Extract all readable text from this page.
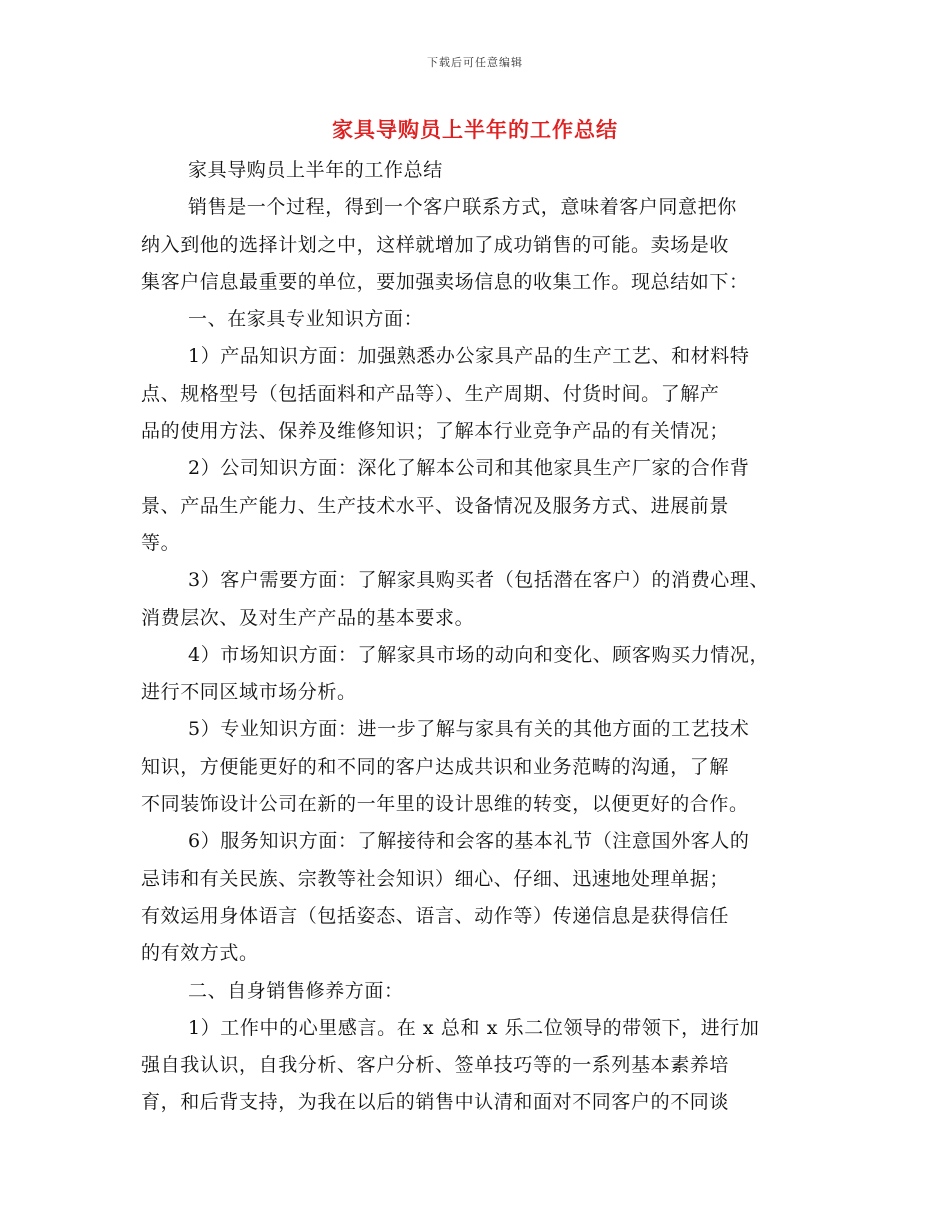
下载后可任意编辑
家具导购员上半年的工作总结
家具导购员上半年的工作总结
销售是一个过程，得到一个客户联系方式，意味着客户同意把你
纳入到他的选择计划之中，这样就增加了成功销售的可能。卖场是收
集客户信息最重要的单位，要加强卖场信息的收集工作。现总结如下：
一、在家具专业知识方面：
1）产品知识方面：加强熟悉办公家具产品的生产工艺、和材料特
点、规格型号（包括面料和产品等）、生产周期、付货时间。了解产
品的使用方法、保养及维修知识；了解本行业竞争产品的有关情况；
2）公司知识方面：深化了解本公司和其他家具生产厂家的合作背
景、产品生产能力、生产技术水平、设备情况及服务方式、进展前景
等。
3）客户需要方面：了解家具购买者（包括潜在客户）的消费心理、
消费层次、及对生产产品的基本要求。
4）市场知识方面：了解家具市场的动向和变化、顾客购买力情况，
进行不同区域市场分析。
5）专业知识方面：进一步了解与家具有关的其他方面的工艺技术
知识，方便能更好的和不同的客户达成共识和业务范畴的沟通，了解
不同装饰设计公司在新的一年里的设计思维的转变，以便更好的合作。
6）服务知识方面：了解接待和会客的基本礼节（注意国外客人的
忌讳和有关民族、宗教等社会知识）细心、仔细、迅速地处理单据；
有效运用身体语言（包括姿态、语言、动作等）传递信息是获得信任
的有效方式。
二、自身销售修养方面：
1）工作中的心里感言。在 x 总和 x 乐二位领导的带领下，进行加
强自我认识，自我分析、客户分析、签单技巧等的一系列基本素养培
育，和后背支持，为我在以后的销售中认清和面对不同客户的不同谈
